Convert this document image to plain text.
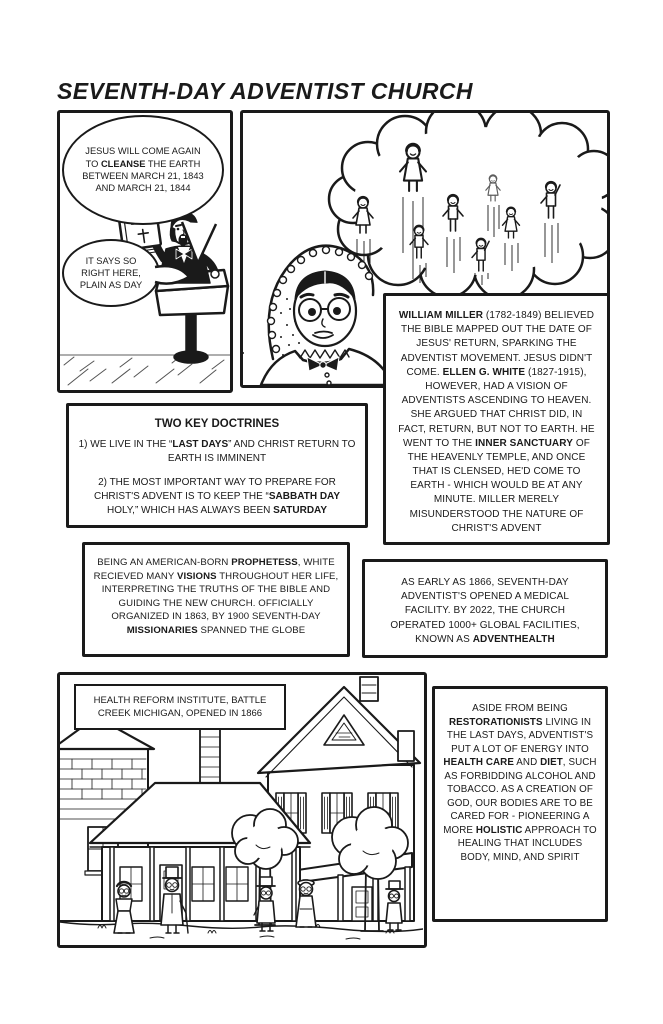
SEVENTH-DAY ADVENTIST CHURCH
JESUS WILL COME AGAIN TO CLEANSE THE EARTH BETWEEN MARCH 21, 1843 AND MARCH 21, 1844
IT SAYS SO RIGHT HERE, PLAIN AS DAY
WILLIAM MILLER (1782-1849) BELIEVED THE BIBLE MAPPED OUT THE DATE OF JESUS' RETURN, SPARKING THE ADVENTIST MOVEMENT. JESUS DIDN'T COME. ELLEN G. WHITE (1827-1915), HOWEVER, HAD A VISION OF ADVENTISTS ASCENDING TO HEAVEN. SHE ARGUED THAT CHRIST DID, IN FACT, RETURN, BUT NOT TO EARTH. HE WENT TO THE INNER SANCTUARY OF THE HEAVENLY TEMPLE, AND ONCE THAT IS CLENSED, HE'D COME TO EARTH - WHICH WOULD BE AT ANY MINUTE. MILLER MERELY MISUNDERSTOOD THE NATURE OF CHRIST'S ADVENT
TWO KEY DOCTRINES
1) WE LIVE IN THE “LAST DAYS” AND CHRIST RETURN TO EARTH IS IMMINENT
2) THE MOST IMPORTANT WAY TO PREPARE FOR CHRIST'S ADVENT IS TO KEEP THE “SABBATH DAY HOLY,” WHICH HAS ALWAYS BEEN SATURDAY
BEING AN AMERICAN-BORN PROPHETESS, WHITE RECIEVED MANY VISIONS THROUGHOUT HER LIFE, INTERPRETING THE TRUTHS OF THE BIBLE AND GUIDING THE NEW CHURCH. OFFICIALLY ORGANIZED IN 1863, BY 1900 SEVENTH-DAY MISSIONARIES SPANNED THE GLOBE
AS EARLY AS 1866, SEVENTH-DAY ADVENTIST'S OPENED A MEDICAL FACILITY. BY 2022, THE CHURCH OPERATED 1000+ GLOBAL FACILITIES, KNOWN AS ADVENTHEALTH
HEALTH REFORM INSTITUTE, BATTLE CREEK MICHIGAN, OPENED IN 1866	ASIDE FROM BEING RESTORATIONISTS LIVING IN THE LAST DAYS, ADVENTIST'S PUT A LOT OF ENERGY INTO HEALTH CARE AND DIET, SUCH AS FORBIDDING ALCOHOL AND TOBACCO. AS A CREATION OF GOD, OUR BODIES ARE TO BE CARED FOR - PIONEERING A MORE HOLISTIC APPROACH TO HEALING THAT INCLUDES BODY, MIND, AND SPIRIT
